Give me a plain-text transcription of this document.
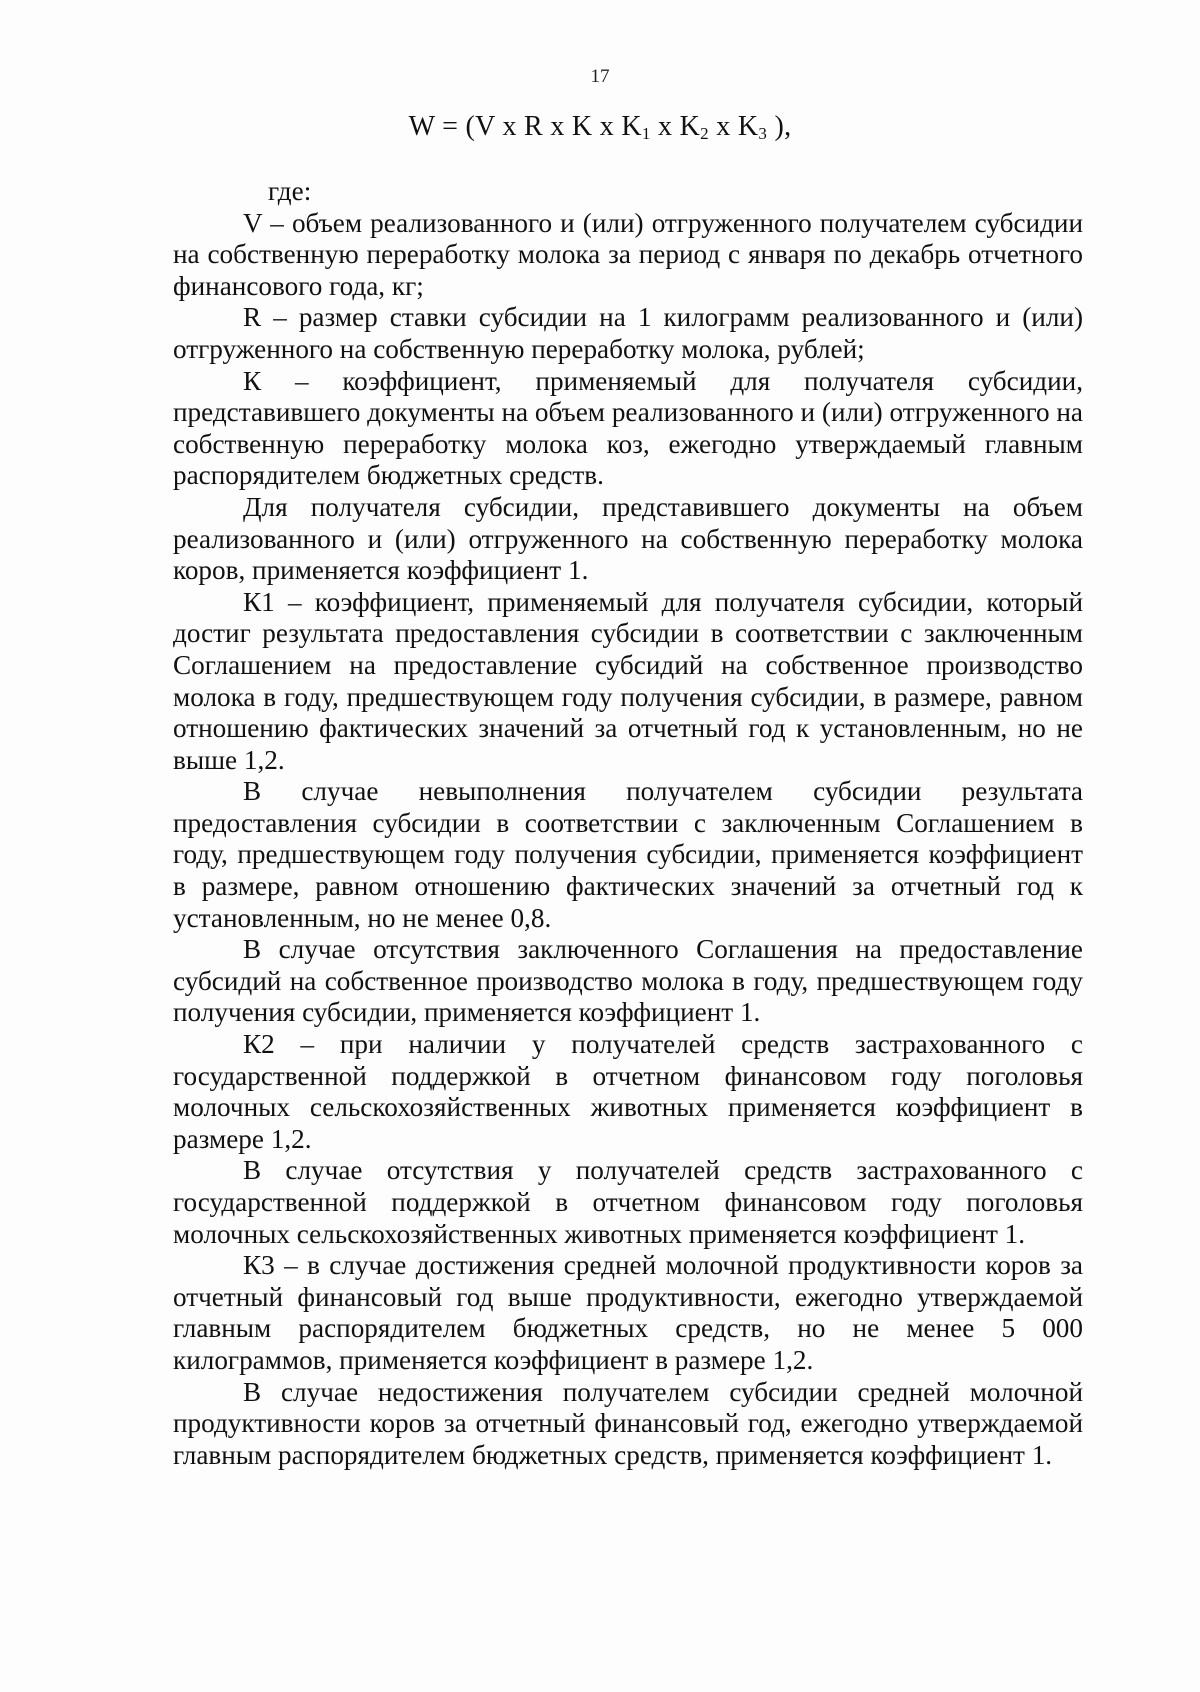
17
W = (V x R x K x $K_1$ x $K_2$ x $K_3$ ),

где:

V – объем реализованного и (или) отгруженного получателем субсидии на собственную переработку молока за период с января по декабрь отчетного финансового года, кг;

R – размер ставки субсидии на 1 килограмм реализованного и (или) отгруженного на собственную переработку молока, рублей;

К – коэффициент, применяемый для получателя субсидии, представившего документы на объем реализованного и (или) отгруженного на собственную переработку молока коз, ежегодно утверждаемый главным распорядителем бюджетных средств.

Для получателя субсидии, представившего документы на объем реализованного и (или) отгруженного на собственную переработку молока коров, применяется коэффициент 1.

К1 – коэффициент, применяемый для получателя субсидии, который достиг результата предоставления субсидии в соответствии с заключенным Соглашением на предоставление субсидий на собственное производство молока в году, предшествующем году получения субсидии, в размере, равном отношению фактических значений за отчетный год к установленным, но не выше 1,2.

В случае невыполнения получателем субсидии результата предоставления субсидии в соответствии с заключенным Соглашением в году, предшествующем году получения субсидии, применяется коэффициент в размере, равном отношению фактических значений за отчетный год к установленным, но не менее 0,8.

В случае отсутствия заключенного Соглашения на предоставление субсидий на собственное производство молока в году, предшествующем году получения субсидии, применяется коэффициент 1.

К2 – при наличии у получателей средств застрахованного с государственной поддержкой в отчетном финансовом году поголовья молочных сельскохозяйственных животных применяется коэффициент в размере 1,2.

В случае отсутствия у получателей средств застрахованного с государственной поддержкой в отчетном финансовом году поголовья молочных сельскохозяйственных животных применяется коэффициент 1.

К3 – в случае достижения средней молочной продуктивности коров за отчетный финансовый год выше продуктивности, ежегодно утверждаемой главным распорядителем бюджетных средств, но не менее 5 000 килограммов, применяется коэффициент в размере 1,2.

В случае недостижения получателем субсидии средней молочной продуктивности коров за отчетный финансовый год, ежегодно утверждаемой главным распорядителем бюджетных средств, применяется коэффициент 1.
